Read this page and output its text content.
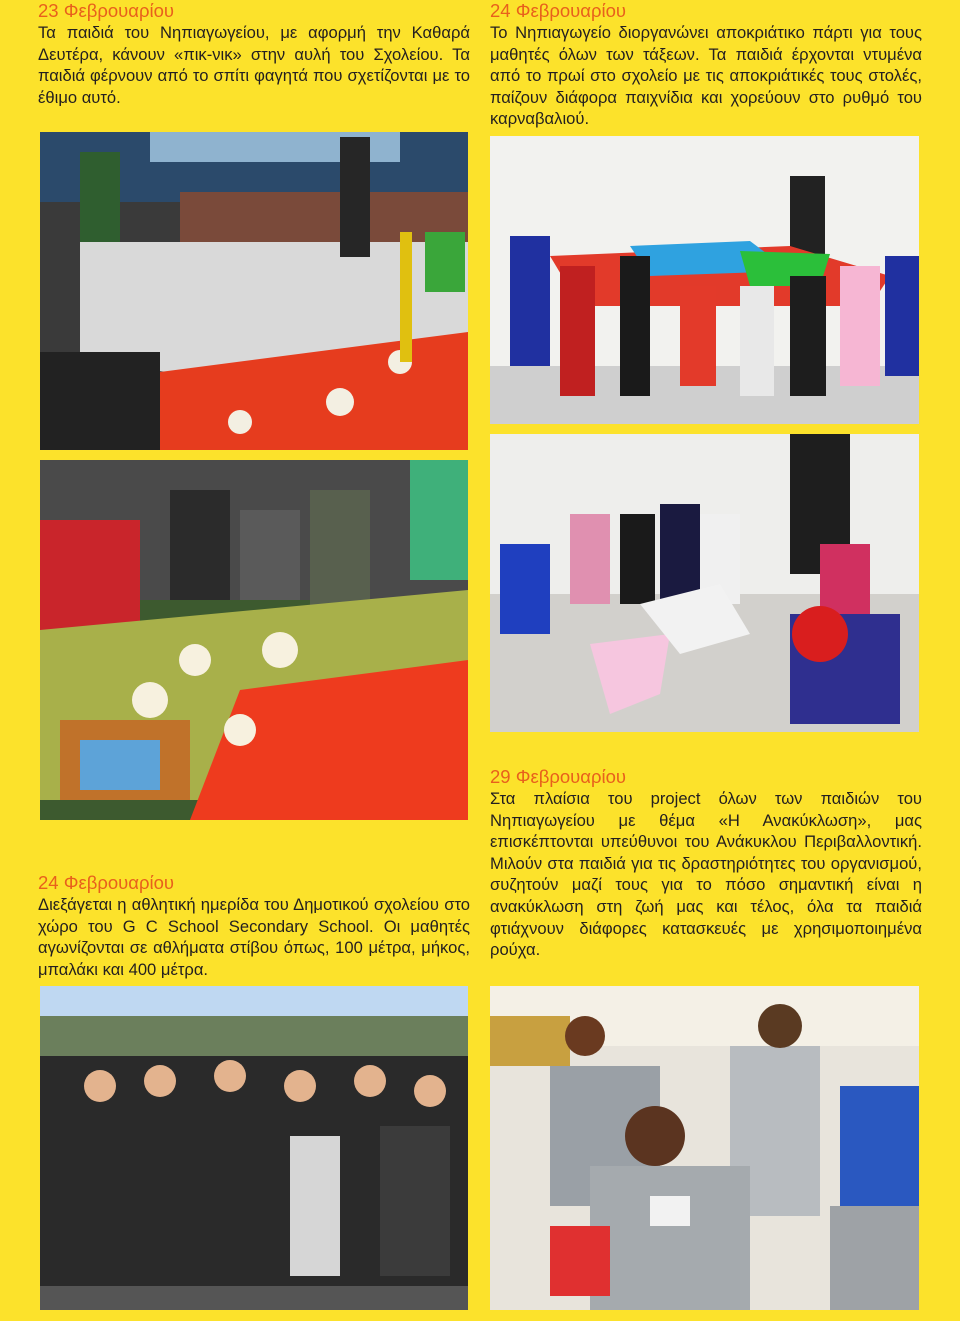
23 Φεβρουαρίου

Τα παιδιά του Νηπιαγωγείου, με αφορμή την Καθαρά Δευτέρα, κάνουν «πικ-νικ» στην αυλή του Σχολείου. Τα παιδιά φέρνουν από το σπίτι φαγητά που σχετίζονται με το έθιμο αυτό.

24 Φεβρουαρίου

Το Νηπιαγωγείο διοργανώνει αποκριάτικο πάρτι για τους μαθητές όλων των τάξεων. Τα παιδιά έρχονται ντυμένα από το πρωί στο σχολείο με τις αποκριάτικές τους στολές, παίζουν διάφορα παιχνίδια και χορεύουν στο ρυθμό του καρναβαλιού.

24 Φεβρουαρίου

Διεξάγεται η αθλητική ημερίδα του Δημοτικού σχολείου στο χώρο του G C School Secondary School. Οι μαθητές αγωνίζονται σε αθλήματα στίβου όπως, 100 μέτρα, μήκος, μπαλάκι και 400 μέτρα.

29 Φεβρουαρίου

Στα πλαίσια του project όλων των παιδιών του Νηπιαγωγείου με θέμα «Η Ανακύκλωση», μας επισκέπτονται υπεύθυνοι του Ανάκυκλου Περιβαλλοντική. Μιλούν στα παιδιά για τις δραστηριότητες του οργανισμού, συζητούν μαζί τους για το πόσο σημαντική είναι η ανακύκλωση στη ζωή μας και τέλος, όλα τα παιδιά φτιάχνουν διάφορες κατασκευές με χρησιμοποιημένα ρούχα.
